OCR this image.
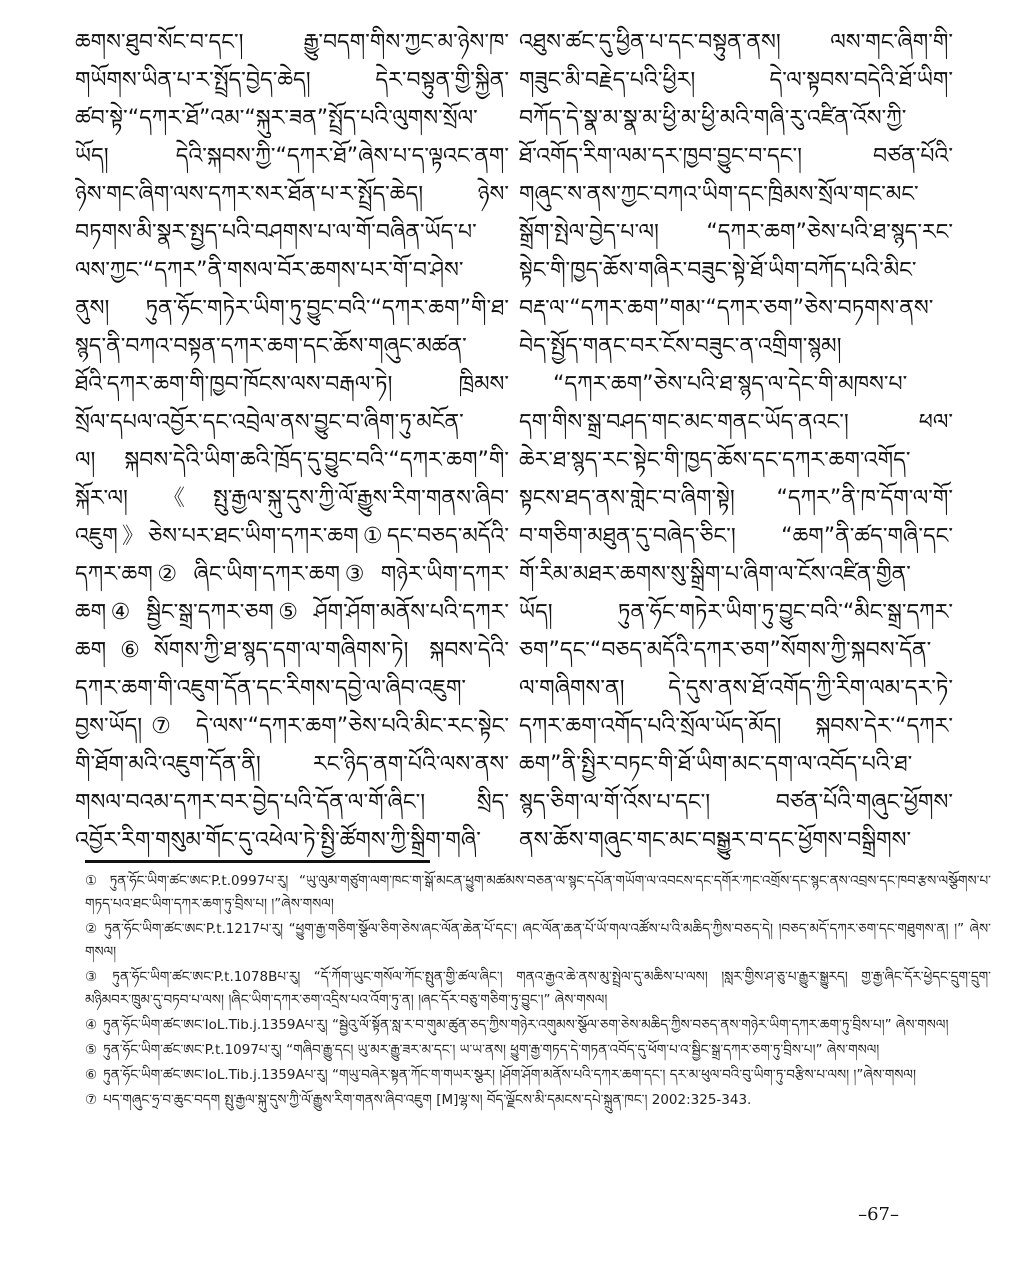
ཆགས་ཐུབ་སོང་བ་དང་། རྒྱུ་བདག་གིས་ཀྱང་མ་ཉེས་ཁ་
གཡོགས་ཡིན་པ་ར་སྤྲོད་བྱེད་ཆེད། དེར་བསྟུན་གྱི་སྐྱིན་
ཚབ་སྟེ་“དཀར་ཐོ”འམ་“སྐུར་ཟན”སྤྲོད་པའི་ལུགས་སྲོལ་
ཡོད། དེའི་སྐབས་ཀྱི་“དཀར་ཐོ”ཞེས་པ་ད་ལྟའང་ནག་
ཉེས་གང་ཞིག་ལས་དཀར་སར་ཐོན་པ་ར་སྤྲོད་ཆེད། ཉེས་
བཏགས་མི་སྣར་སྤྱད་པའི་བཤགས་པ་ལ་གོ་བཞིན་ཡོད་པ་
ལས་ཀྱང་“དཀར”ནི་གསལ་བོར་ཆགས་པར་གོ་བ་ཤེས་
ནུས། ཏུན་ཧོང་གཏེར་ཡིག་ཏུ་བྱུང་བའི་“དཀར་ཆག”གི་ཐ་
སྙད་ནི་བཀའ་བསྟན་དཀར་ཆག་དང་ཆོས་གཞུང་མཚན་
ཐོའི་དཀར་ཆག་གི་ཁྱབ་ཁོངས་ལས་བརྒལ་ཏེ། ཁྲིམས་
སྲོལ་དཔལ་འབྱོར་དང་འབྲེལ་ནས་བྱུང་བ་ཞིག་ཏུ་མངོན་
ལ། སྐབས་དེའི་ཡིག་ཆའི་ཁྲོད་དུ་བྱུང་བའི་“དཀར་ཆག”གི་
སྐོར་ལ། 《སྤུ་རྒྱལ་སྐུ་དུས་ཀྱི་ལོ་རྒྱུས་རིག་གནས་ཞིབ་
འཇུག》ཅེས་པར་ཐང་ཡིག་དཀར་ཆག①དང་བཅད་མདོའི་
དཀར་ཆག② ཞིང་ཡིག་དཀར་ཆག③ གཉེར་ཡིག་དཀར་
ཆག④ སྦྱིང་སྒྲ་དཀར་ཅག⑤ ཤོག་ཤོག་མནོས་པའི་དཀར་
ཆག⑥སོགས་ཀྱི་ཐ་སྙད་དག་ལ་གཞིགས་ཏེ། སྐབས་དེའི་
དཀར་ཆག་གི་འཇུག་དོན་དང་རིགས་དབྱེ་ལ་ཞིབ་འཇུག་
བྱས་ཡོད།⑦ དེ་ལས་“དཀར་ཆག”ཅེས་པའི་མིང་རང་སྟེང་
གི་ཐོག་མའི་འཇུག་དོན་ནི། རང་ཉིད་ནག་པོའི་ལས་ནས་
གསལ་བའམ་དཀར་བར་བྱེད་པའི་དོན་ལ་གོ་ཞིང་། སྲིད་
འབྱོར་རིག་གསུམ་གོང་དུ་འཕེལ་ཏེ་སྤྱི་ཚོགས་ཀྱི་སྒྲིག་གཞི་
འཐུས་ཚང་དུ་ཕྱིན་པ་དང་བསྟུན་ནས། ལས་གང་ཞིག་གི་
གཟུང་མི་བརྗེད་པའི་ཕྱིར། དེ་ལ་སྟབས་བདེའི་ཐོ་ཡིག་
བཀོད་དེ་སྣ་མ་སྣ་མ་ཕྱི་མ་ཕྱི་མའི་གཞི་རུ་འཛིན་འོས་ཀྱི་
ཐོ་འགོད་རིག་ལམ་དར་ཁྱབ་བྱུང་བ་དང་། བཙན་པོའི་
གཞུང་ས་ནས་ཀྱང་བཀའ་ཡིག་དང་ཁྲིམས་སྲོལ་གང་མང་
སྒྲོག་སྤེལ་བྱེད་པ་ལ། “དཀར་ཆག”ཅེས་པའི་ཐ་སྙད་རང་
སྟེང་གི་ཁྱད་ཆོས་གཞིར་བཟུང་སྟེ་ཐོ་ཡིག་བཀོད་པའི་མིང་
བརྡ་ལ་“དཀར་ཆག”གམ་“དཀར་ཅག”ཅེས་བཏགས་ནས་
བེད་སྤྱོད་གནང་བར་ངོས་བཟུང་ན་འགྲིག་སྙམ།
“དཀར་ཆག”ཅེས་པའི་ཐ་སྙད་ལ་དེང་གི་མཁས་པ་
དག་གིས་སྒྲ་བཤད་གང་མང་གནང་ཡོད་ནའང་། ཕལ་
ཆེར་ཐ་སྙད་རང་སྟེང་གི་ཁྱད་ཆོས་དང་དཀར་ཆག་འགོད་
སྟངས་ཐད་ནས་གླེང་བ་ཞིག་སྟེ། “དཀར”ནི་ཁ་དོག་ལ་གོ་
བ་གཅིག་མཐུན་དུ་བཞེད་ཅིང་། “ཆག”ནི་ཚད་གཞི་དང་
གོ་རིམ་མཐར་ཆགས་སུ་སྒྲིག་པ་ཞིག་ལ་ངོས་འཛིན་གྱིན་
ཡོད། ཏུན་ཧོང་གཏེར་ཡིག་ཏུ་བྱུང་བའི་“མིང་སྒྲ་དཀར་
ཅག”དང་“བཅད་མདོའི་དཀར་ཅག”སོགས་ཀྱི་སྐབས་དོན་
ལ་གཞིགས་ན། དེ་དུས་ནས་ཐོ་འགོད་ཀྱི་རིག་ལམ་དར་ཏེ་
དཀར་ཆག་འགོད་པའི་སྲོལ་ཡོད་མོད། སྐབས་དེར་“དཀར་
ཆག”ནི་སྤྱིར་བཏང་གི་ཐོ་ཡིག་མང་དག་ལ་འབོད་པའི་ཐ་
སྙད་ཅིག་ལ་གོ་འོས་པ་དང་། བཙན་པོའི་གཞུང་ཕྱོགས་
ནས་ཆོས་གཞུང་གང་མང་བསྒྱུར་བ་དང་ཕྱོགས་བསྒྲིགས་
① ཏུན་ཧོང་ཡིག་ཚང་ཨང་P.t.0997པ་རུ། “ཡུ་ལུམ་གཙུག་ལག་ཁང་ག་སྒོ་མངན་ཕྱུག་མཚམས་བཅན་ལ་སྙང་དཔོན་གཡོག་ལ་འབངས་དང་དགོར་ཀང་འགྲོས་དང་སྙང་ནས་འབྲས་དང་ཁབ་རྩས་ལསྩོགས་པ་གཏད་པའ་ཐང་ཡིག་དཀར་ཆག་ཏུ་བྲིས་པ། །”ཞེས་གསལ།
② ཏུན་ཧོང་ཡིག་ཚང་ཨང་P.t.1217པ་རུ། “ཕྱུག་རྒྱ་གཅིག་སྩོལ་ཅིག་ཅེས་ཞང་ལོན་ཆེན་པོ་དང་། ཞང་ལོན་ཆན་པོ་ཡོ་གལ་འཚོས་པ་འི་མཆིད་ཀྱིས་བཅད་དེ། །བཅད་མདོ་དཀར་ཅག་དང་གཐུགས་ན། །” ཞེས་གསལ།
③ ཏུན་ཧོང་ཡིག་ཚང་ཨང་P.t.1078Bཔ་རུ། “དོ་ཀོག་ཡུང་གསོལ་ཀོང་སྤུན་གྱི་ཚལ་ཞིང་། གནའ་རྒྱའ་ཆེ་ནས་མུ་སྤྲེལ་དུ་མཆིས་པ་ལས། །སླར་གྱིས་ཤ་ཅུ་པ་རྒྱུར་སྒྱུརད། གྱ་རྒྱ་ཞིང་དོར་ཕྱེདང་དྲུག་དྲུག་མཉིམབར་ཁྲུམ་དུ་བཏབ་པ་ལས། །ཞིང་ཡིག་དཀར་ཅག་འདྲིས་པའ་འོག་ཏུ་ན། །ཞང་དོར་བཅུ་གཅིག་ཏུ་བྱུང་།” ཞེས་གསལ།
④ ཏུན་ཧོང་ཡིག་ཚང་ཨང་IoL.Tib.j.1359Aཔ་རུ། “སྦྱེའུ་ལོ་སྟོན་སླ་ར་བ་གུམ་ཚུན་ཅད་ཀྱིས་གཉེར་འགུམས་སྩོལ་ཅག་ཅེས་མཆིད་ཀྱིས་བཅད་ནས་གཉེར་ཡིག་དཀར་ཆག་ཏུ་བྲིས་པ།” ཞེས་གསལ།
⑤ ཏུན་ཧོང་ཡིག་ཚང་ཨང་P.t.1097པ་རུ། “གཞིབ་རྒྱུ་དང། ཡུ་མར་རྒྱུ་ཟར་མ་དང་། ཡ་ཡ་ནས། ཕྱུག་རྒྱ་གཏད་དེ་གཏན་འབོད་དུ་ཕོག་པ་འ་སྦྱིང་སྒྲ་དཀར་ཅག་ཏུ་བྲིས་པ།” ཞེས་གསལ།
⑥ ཏུན་ཧོང་ཡིག་ཚང་ཨང་IoL.Tib.j.1359Aཔ་རུ། “གཡུ་བཞེར་སྟན་ཀོང་ག་གཡར་སྩར། །ཤོག་ཤོག་མནོས་པའི་དཀར་ཆག་དང་། དར་མ་ཕུལ་བའི་བུ་ཡིག་ཏུ་བརྩིས་པ་ལས། །”ཞེས་གསལ།
⑦ པད་གཞུང་ཧྲ་བ་ཆུང་བདག སྤུ་རྒྱལ་སྐུ་དུས་ཀྱི་ལོ་རྒྱུས་རིག་གནས་ཞིབ་འཇུག [M]ལྷ་ས། བོད་ལྗོངས་མི་དམངས་དཔེ་སྐྲུན་ཁང་། 2002:325-343.
–67–
